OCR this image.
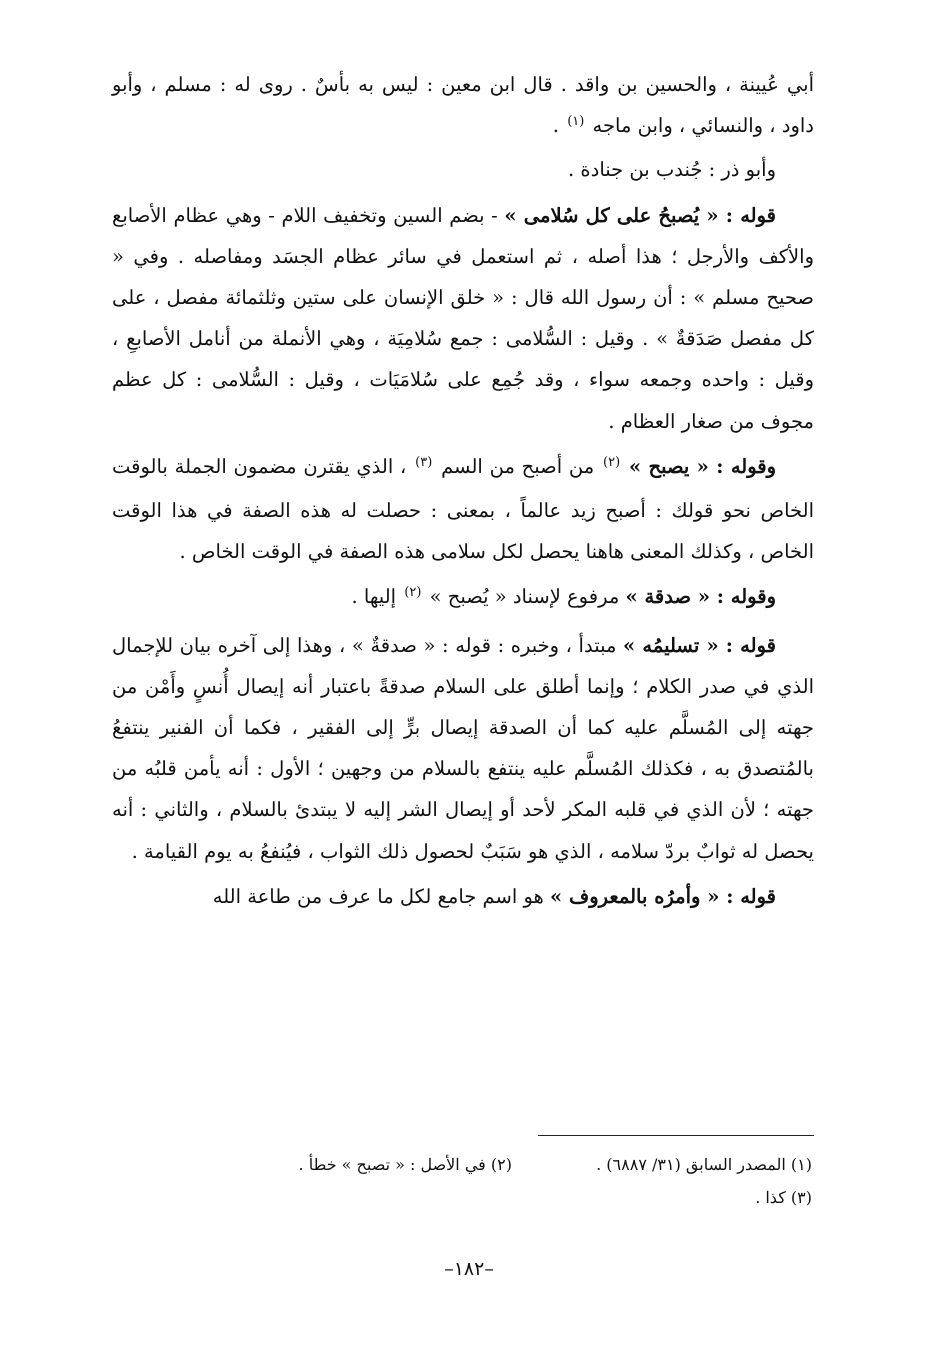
أبي عُيينة ، والحسين بن واقد . قال ابن معين : ليس به بأسٌ . روى له : مسلم ، وأبو داود ، والنسائي ، وابن ماجه $^{(١)}$ .

وأبو ذر : جُندب بن جنادة .

قوله : « يُصبحُ على كل سُلامى » - بضم السين وتخفيف اللام - وهي عظام الأصابع والأكف والأرجل ؛ هذا أصله ، ثم استعمل في سائر عظام الجسَد ومفاصله . وفي « صحيح مسلم » : أن رسول الله قال : « خلق الإنسان على ستين وثلثمائة مفصل ، على كل مفصل صَدَقةٌ » . وقيل : السُّلامى : جمع سُلامِيَة ، وهي الأنملة من أنامل الأصابعِ ، وقيل : واحده وجمعه سواء ، وقد جُمِع على سُلامَيَات ، وقيل : السُّلامى : كل عظم مجوف من صغار العظام .

وقوله : « يصبح » $^{(٢)}$ من أصبح من السم $^{(٣)}$ ، الذي يقترن مضمون الجملة بالوقت الخاص نحو قولك : أصبح زيد عالماً ، بمعنى : حصلت له هذه الصفة في هذا الوقت الخاص ، وكذلك المعنى هاهنا يحصل لكل سلامى هذه الصفة في الوقت الخاص .

وقوله : « صدقة » مرفوع لإسناد « يُصبح » $^{(٢)}$ إليها .

قوله : « تسليمُه » مبتدأ ، وخبره : قوله : « صدقةٌ » ، وهذا إلى آخره بيان للإجمال الذي في صدر الكلام ؛ وإنما أطلق على السلام صدقةً باعتبار أنه إيصال أُنسٍ وأَمْن من جهته إلى المُسلَّم عليه كما أن الصدقة إيصال برٍّ إلى الفقير ، فكما أن الفنير ينتفعُ بالمُتصدق به ، فكذلك المُسلَّم عليه ينتفع بالسلام من وجهين ؛ الأول : أنه يأمن قلبُه من جهته ؛ لأن الذي في قلبه المكر لأحد أو إيصال الشر إليه لا يبتدئ بالسلام ، والثاني : أنه يحصل له ثوابٌ بردّ سلامه ، الذي هو سَبَبٌ لحصول ذلك الثواب ، فيُنفعُ به يوم القيامة .

قوله : « وأمرُه بالمعروف » هو اسم جامع لكل ما عرف من طاعة الله

(١) المصدر السابق (٣١/ ٦٨٨٧) .
(٢) في الأصل : « تصبح » خطأ .
(٣) كذا .
–١٨٢–
